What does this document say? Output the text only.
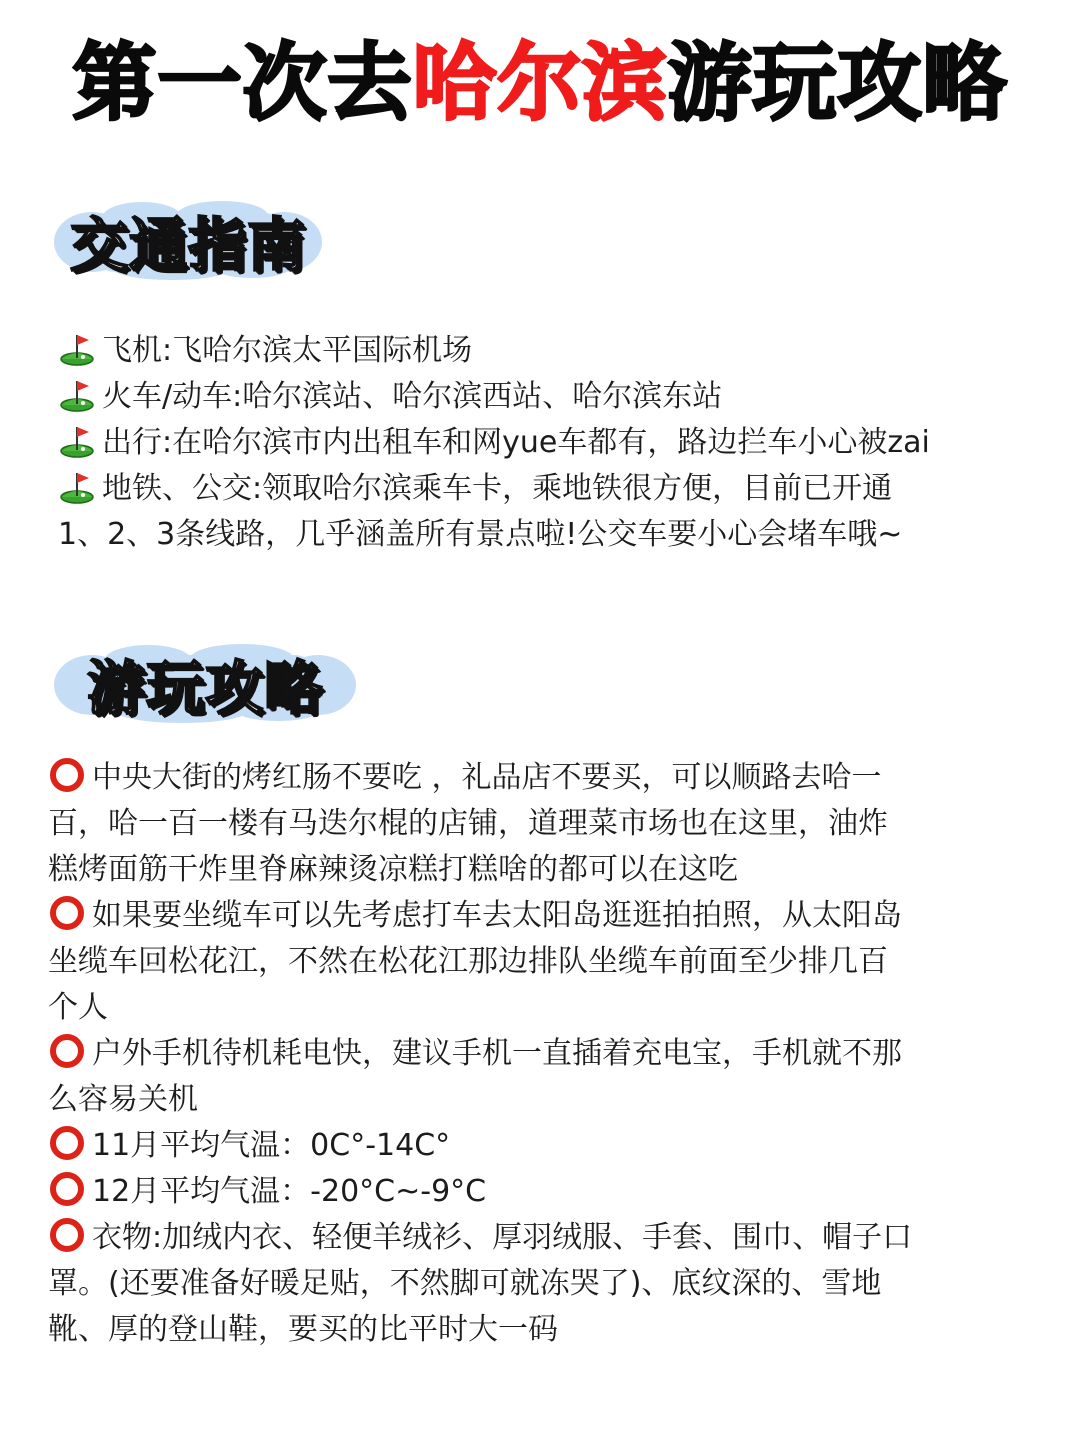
第一次去哈尔滨游玩攻略
交通指南
飞机:飞哈尔滨太平国际机场
火车/动车:哈尔滨站、哈尔滨西站、哈尔滨东站
出行:在哈尔滨市内出租车和网yue车都有，路边拦车小心被zai
地铁、公交:领取哈尔滨乘车卡，乘地铁很方便，目前已开通
1、2、3条线路，几乎涵盖所有景点啦!公交车要小心会堵车哦~
游玩攻略
中央大街的烤红肠不要吃 ，礼品店不要买，可以顺路去哈一
百，哈一百一楼有马迭尔棍的店铺，道理菜市场也在这里，油炸
糕烤面筋干炸里脊麻辣烫凉糕打糕啥的都可以在这吃
如果要坐缆车可以先考虑打车去太阳岛逛逛拍拍照，从太阳岛
坐缆车回松花江，不然在松花江那边排队坐缆车前面至少排几百
个人
户外手机待机耗电快，建议手机一直插着充电宝，手机就不那
么容易关机
11月平均气温：0C°-14C°
12月平均气温：-20°C~-9°C
衣物:加绒内衣、轻便羊绒衫、厚羽绒服、手套、围巾、帽子口
罩。(还要准备好暖足贴，不然脚可就冻哭了)、底纹深的、雪地
靴、厚的登山鞋，要买的比平时大一码
